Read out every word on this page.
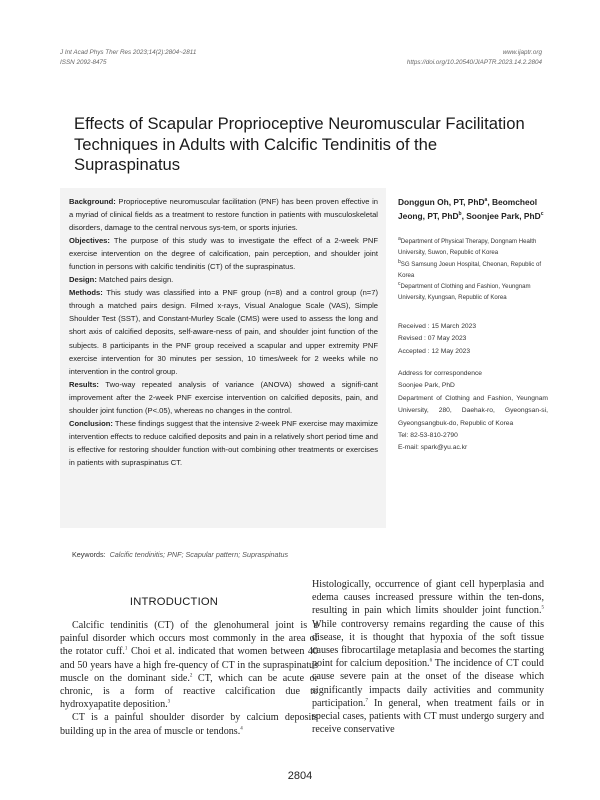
J Int Acad Phys Ther Res 2023;14(2):2804~2811
ISSN 2092-8475
www.ijaptr.org
https://doi.org/10.20540/JIAPTR.2023.14.2.2804
Effects of Scapular Proprioceptive Neuromuscular Facilitation Techniques in Adults with Calcific Tendinitis of the Supraspinatus

Background: Proprioceptive neuromuscular facilitation (PNF) has been proven effective in a myriad of clinical fields as a treatment to restore function in patients with musculoskeletal disorders, damage to the central nervous sys-tem, or sports injuries.

Objectives: The purpose of this study was to investigate the effect of a 2-week PNF exercise intervention on the degree of calcification, pain perception, and shoulder joint function in persons with calcific tendinitis (CT) of the supraspinatus.

Design: Matched pairs design.

Methods: This study was classified into a PNF group (n=8) and a control group (n=7) through a matched pairs design. Filmed x-rays, Visual Analogue Scale (VAS), Simple Shoulder Test (SST), and Constant-Murley Scale (CMS) were used to assess the long and short axis of calcified deposits, self-aware-ness of pain, and shoulder joint function of the subjects. 8 participants in the PNF group received a scapular and upper extremity PNF exercise intervention for 30 minutes per session, 10 times/week for 2 weeks while no intervention in the control group.

Results: Two-way repeated analysis of variance (ANOVA) showed a signifi-cant improvement after the 2-week PNF exercise intervention on calcified deposits, pain, and shoulder joint function (P<.05), whereas no changes in the control.

Conclusion: These findings suggest that the intensive 2-week PNF exercise may maximize intervention effects to reduce calcified deposits and pain in a relatively short period time and is effective for restoring shoulder function with-out combining other treatments or exercises in patients with supraspinatus CT.

Donggun Oh, PT, PhD$^a$, Beomcheol Jeong, PT, PhD$^b$, Soonjee Park, PhD$^c$
$^a$Department of Physical Therapy, Dongnam Health University, Suwon, Republic of Korea
$^b$SG Samsung Joeun Hospital, Cheonan, Republic of Korea
$^c$Department of Clothing and Fashion, Yeungnam University, Kyungsan, Republic of Korea
Received : 15 March 2023
Revised : 07 May 2023
Accepted : 12 May 2023
Address for correspondence
Soonjee Park, PhD
Department of Clothing and Fashion, Yeungnam University, 280, Daehak-ro, Gyeongsan-si, Gyeongsangbuk-do, Republic of Korea
Tel: 82-53-810-2790
E-mail: spark@yu.ac.kr
Keywords: Calcific tendinitis; PNF; Scapular pattern; Supraspinatus
INTRODUCTION

Calcific tendinitis (CT) of the glenohumeral joint is a painful disorder which occurs most commonly in the area of the rotator cuff.$^1$ Choi et al. indicated that women between 40 and 50 years have a high fre-quency of CT in the supraspinatus muscle on the dominant side.$^2$ CT, which can be acute or chronic, is a form of reactive calcification due to hydroxyapatite deposition.$^3$

CT is a painful shoulder disorder by calcium deposits building up in the area of muscle or tendons.$^4$

Histologically, occurrence of giant cell hyperplasia and edema causes increased pressure within the ten-dons, resulting in pain which limits shoulder joint function.$^5$ While controversy remains regarding the cause of this disease, it is thought that hypoxia of the soft tissue causes fibrocartilage metaplasia and becomes the starting point for calcium deposition.$^6$ The incidence of CT could cause severe pain at the onset of the disease which significantly impacts daily activities and community participation.$^7$ In general, when treatment fails or in special cases, patients with CT must undergo surgery and receive conservative

2804
